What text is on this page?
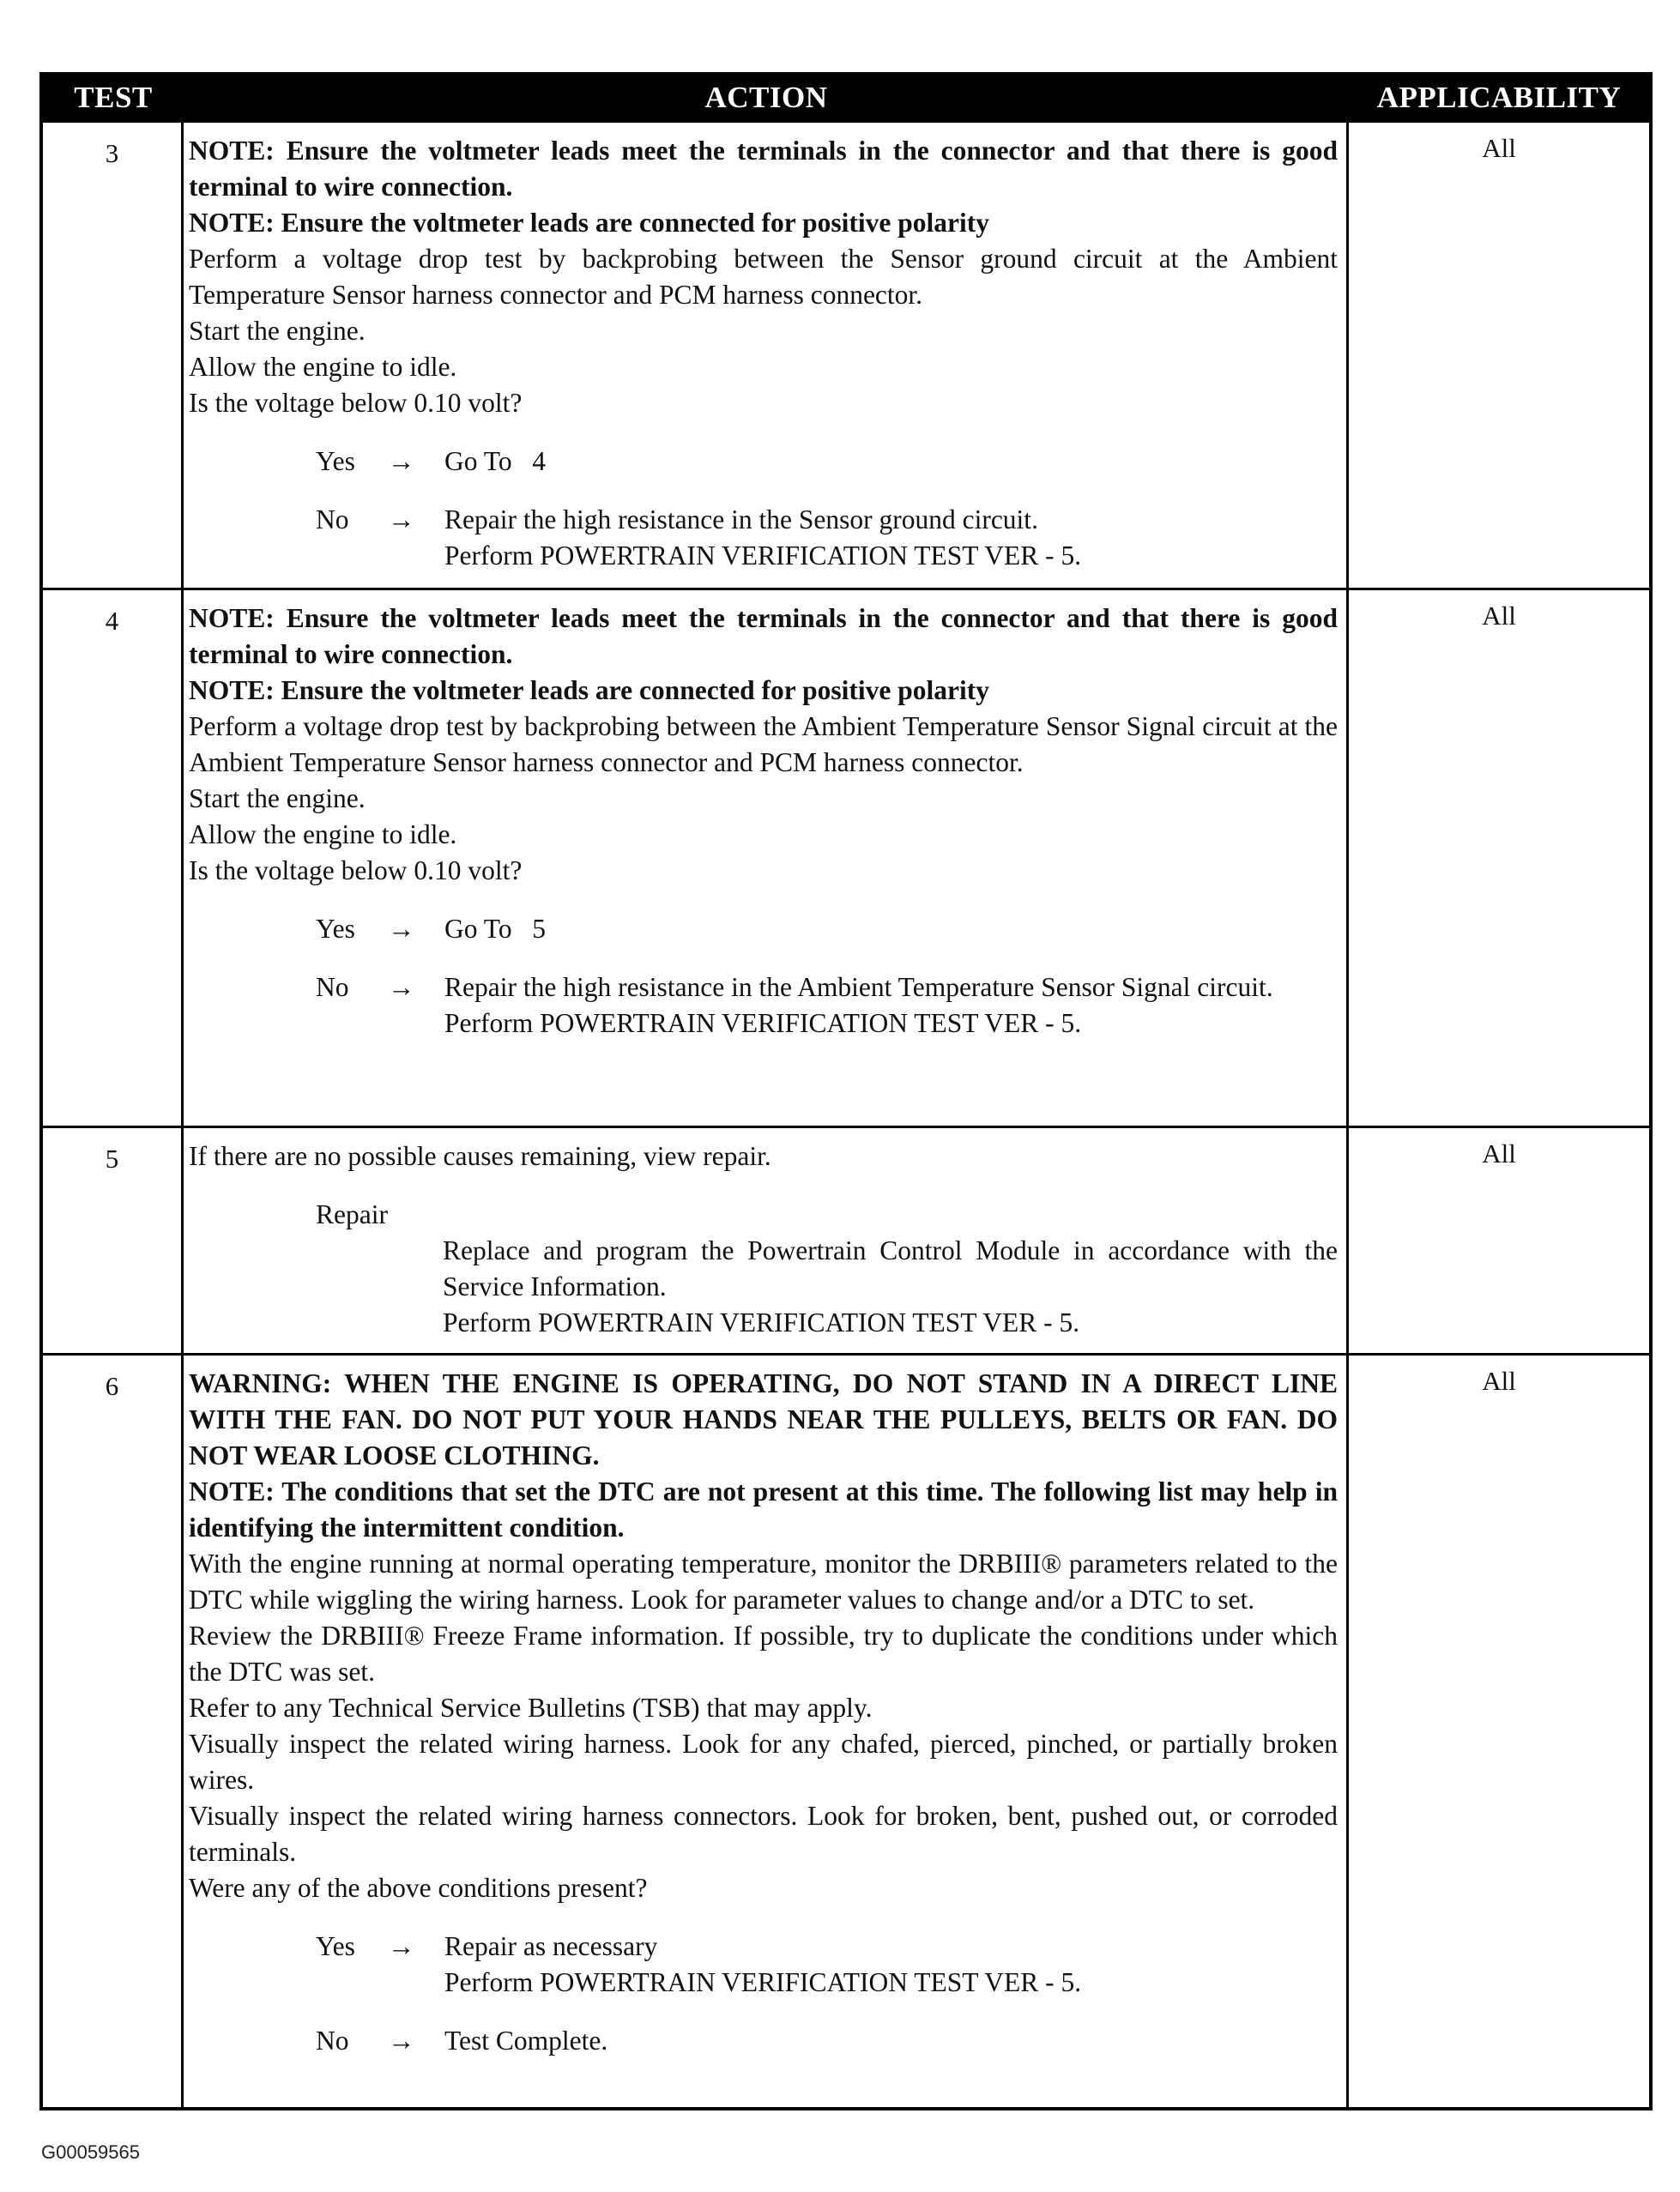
TEST	ACTION	APPLICABILITY
3	NOTE: Ensure the voltmeter leads meet the terminals in the connector and that there is good terminal to wire connection.
NOTE: Ensure the voltmeter leads are connected for positive polarity
Perform a voltage drop test by backprobing between the Sensor ground circuit at the Ambient Temperature Sensor harness connector and PCM harness connector.
Start the engine.
Allow the engine to idle.
Is the voltage below 0.10 volt?
Yes	→	Go To   4
No	→	Repair the high resistance in the Sensor ground circuit.
Perform POWERTRAIN VERIFICATION TEST VER - 5.
All
4	NOTE: Ensure the voltmeter leads meet the terminals in the connector and that there is good terminal to wire connection.
NOTE: Ensure the voltmeter leads are connected for positive polarity
Perform a voltage drop test by backprobing between the Ambient Temperature Sensor Signal circuit at the Ambient Temperature Sensor harness connector and PCM harness connector.
Start the engine.
Allow the engine to idle.
Is the voltage below 0.10 volt?
Yes	→	Go To   5
No	→	Repair the high resistance in the Ambient Temperature Sensor Signal circuit.
Perform POWERTRAIN VERIFICATION TEST VER - 5.
All
5	If there are no possible causes remaining, view repair.
Repair
Replace and program the Powertrain Control Module in accordance with the Service Information.
Perform POWERTRAIN VERIFICATION TEST VER - 5.
All
6	WARNING: WHEN THE ENGINE IS OPERATING, DO NOT STAND IN A DIRECT LINE WITH THE FAN. DO NOT PUT YOUR HANDS NEAR THE PULLEYS, BELTS OR FAN. DO NOT WEAR LOOSE CLOTHING.
NOTE: The conditions that set the DTC are not present at this time. The following list may help in identifying the intermittent condition.
With the engine running at normal operating temperature, monitor the DRBIII® parameters related to the DTC while wiggling the wiring harness. Look for parameter values to change and/or a DTC to set.
Review the DRBIII® Freeze Frame information. If possible, try to duplicate the conditions under which the DTC was set.
Refer to any Technical Service Bulletins (TSB) that may apply.
Visually inspect the related wiring harness. Look for any chafed, pierced, pinched, or partially broken wires.
Visually inspect the related wiring harness connectors. Look for broken, bent, pushed out, or corroded terminals.
Were any of the above conditions present?
Yes	→	Repair as necessary
Perform POWERTRAIN VERIFICATION TEST VER - 5.
No	→	Test Complete.
All
G00059565
